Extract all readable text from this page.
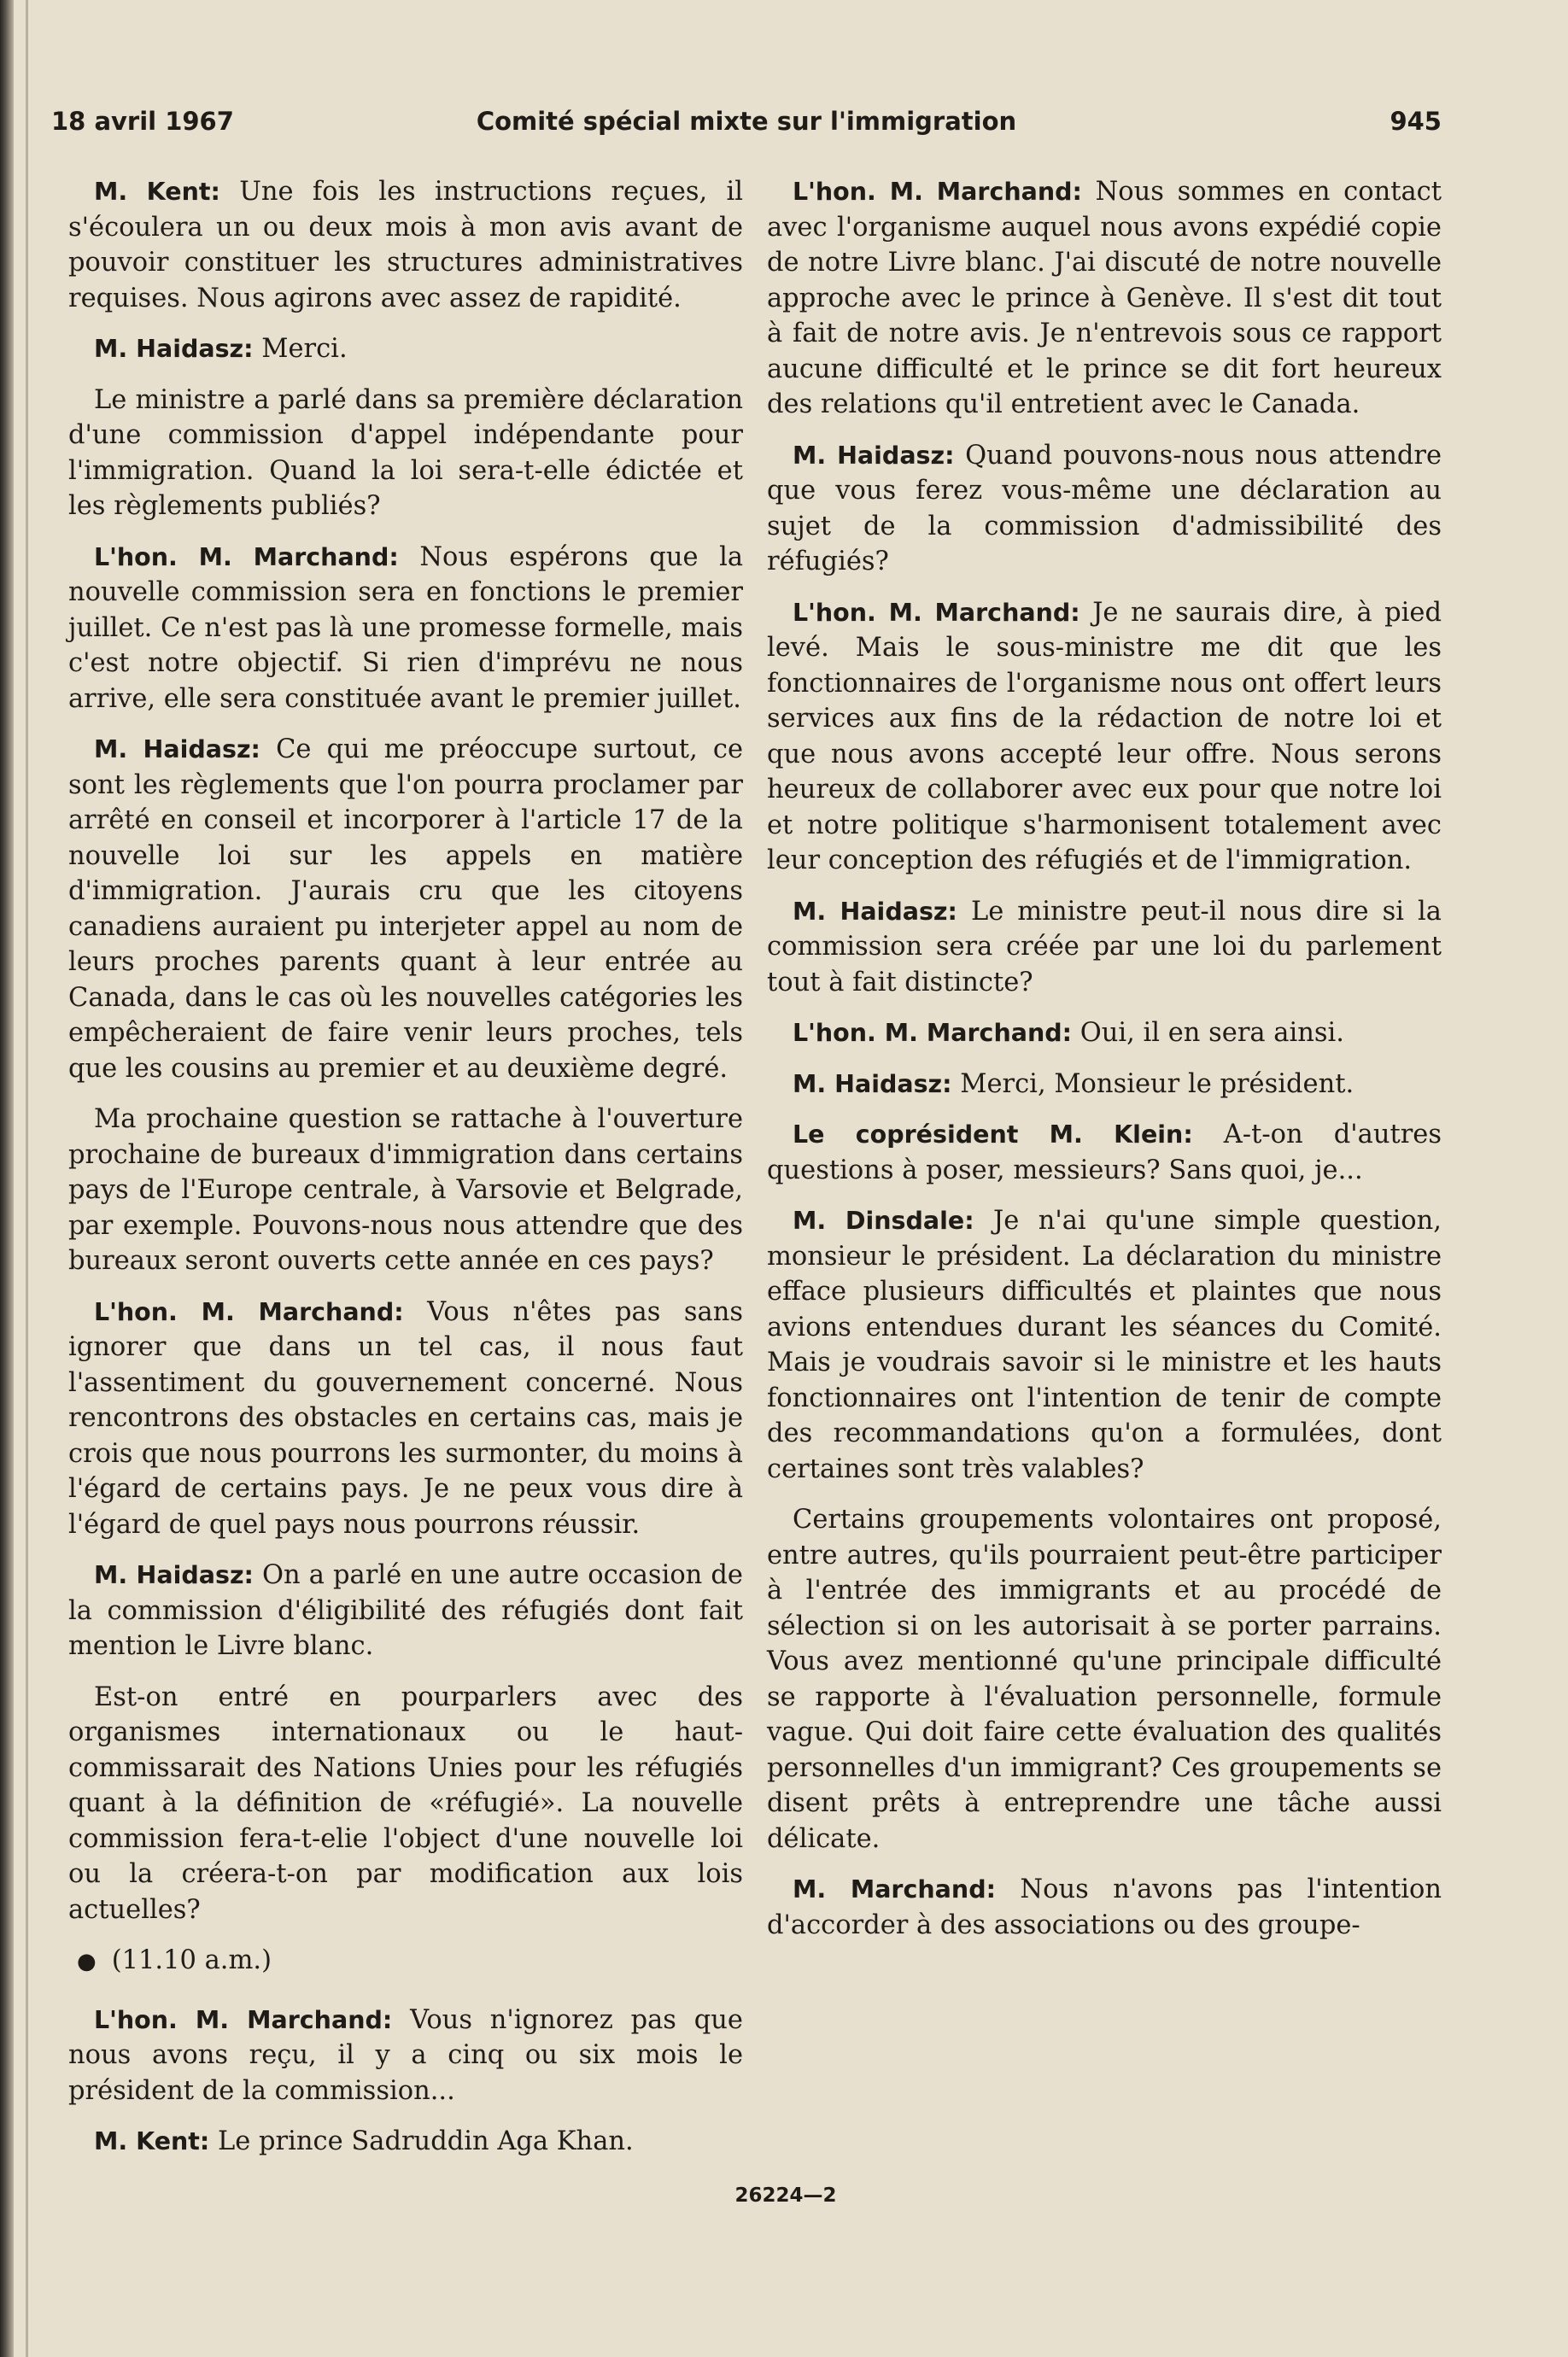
18 avril 1967	Comité spécial mixte sur l'immigration	945

M. Kent: Une fois les instructions reçues, il s'écoulera un ou deux mois à mon avis avant de pouvoir constituer les structures administratives requises. Nous agirons avec assez de rapidité.

M. Haidasz: Merci.

Le ministre a parlé dans sa première déclaration d'une commission d'appel indépendante pour l'immigration. Quand la loi sera-t-elle édictée et les règlements publiés?

L'hon. M. Marchand: Nous espérons que la nouvelle commission sera en fonctions le premier juillet. Ce n'est pas là une promesse formelle, mais c'est notre objectif. Si rien d'imprévu ne nous arrive, elle sera constituée avant le premier juillet.

M. Haidasz: Ce qui me préoccupe surtout, ce sont les règlements que l'on pourra proclamer par arrêté en conseil et incorporer à l'article 17 de la nouvelle loi sur les appels en matière d'immigration. J'aurais cru que les citoyens canadiens auraient pu interjeter appel au nom de leurs proches parents quant à leur entrée au Canada, dans le cas où les nouvelles catégories les empêcheraient de faire venir leurs proches, tels que les cousins au premier et au deuxième degré.

Ma prochaine question se rattache à l'ouverture prochaine de bureaux d'immigration dans certains pays de l'Europe centrale, à Varsovie et Belgrade, par exemple. Pouvons-nous nous attendre que des bureaux seront ouverts cette année en ces pays?

L'hon. M. Marchand: Vous n'êtes pas sans ignorer que dans un tel cas, il nous faut l'assentiment du gouvernement concerné. Nous rencontrons des obstacles en certains cas, mais je crois que nous pourrons les surmonter, du moins à l'égard de certains pays. Je ne peux vous dire à l'égard de quel pays nous pourrons réussir.

M. Haidasz: On a parlé en une autre occasion de la commission d'éligibilité des réfugiés dont fait mention le Livre blanc.

Est-on entré en pourparlers avec des organismes internationaux ou le haut-commissarait des Nations Unies pour les réfugiés quant à la définition de «réfugié». La nouvelle commission fera-t-elie l'object d'une nouvelle loi ou la créera-t-on par modification aux lois actuelles?

● (11.10 a.m.)

L'hon. M. Marchand: Vous n'ignorez pas que nous avons reçu, il y a cinq ou six mois le président de la commission...

M. Kent: Le prince Sadruddin Aga Khan.

L'hon. M. Marchand: Nous sommes en contact avec l'organisme auquel nous avons expédié copie de notre Livre blanc. J'ai discuté de notre nouvelle approche avec le prince à Genève. Il s'est dit tout à fait de notre avis. Je n'entrevois sous ce rapport aucune difficulté et le prince se dit fort heureux des relations qu'il entretient avec le Canada.

M. Haidasz: Quand pouvons-nous nous attendre que vous ferez vous-même une déclaration au sujet de la commission d'admissibilité des réfugiés?

L'hon. M. Marchand: Je ne saurais dire, à pied levé. Mais le sous-ministre me dit que les fonctionnaires de l'organisme nous ont offert leurs services aux fins de la rédaction de notre loi et que nous avons accepté leur offre. Nous serons heureux de collaborer avec eux pour que notre loi et notre politique s'harmonisent totalement avec leur conception des réfugiés et de l'immigration.

M. Haidasz: Le ministre peut-il nous dire si la commission sera créée par une loi du parlement tout à fait distincte?

L'hon. M. Marchand: Oui, il en sera ainsi.

M. Haidasz: Merci, Monsieur le président.

Le coprésident M. Klein: A-t-on d'autres questions à poser, messieurs? Sans quoi, je...

M. Dinsdale: Je n'ai qu'une simple question, monsieur le président. La déclaration du ministre efface plusieurs difficultés et plaintes que nous avions entendues durant les séances du Comité. Mais je voudrais savoir si le ministre et les hauts fonctionnaires ont l'intention de tenir de compte des recommandations qu'on a formulées, dont certaines sont très valables?

Certains groupements volontaires ont proposé, entre autres, qu'ils pourraient peut-être participer à l'entrée des immigrants et au procédé de sélection si on les autorisait à se porter parrains. Vous avez mentionné qu'une principale difficulté se rapporte à l'évaluation personnelle, formule vague. Qui doit faire cette évaluation des qualités personnelles d'un immigrant? Ces groupements se disent prêts à entreprendre une tâche aussi délicate.

M. Marchand: Nous n'avons pas l'intention d'accorder à des associations ou des groupe-

26224—2
